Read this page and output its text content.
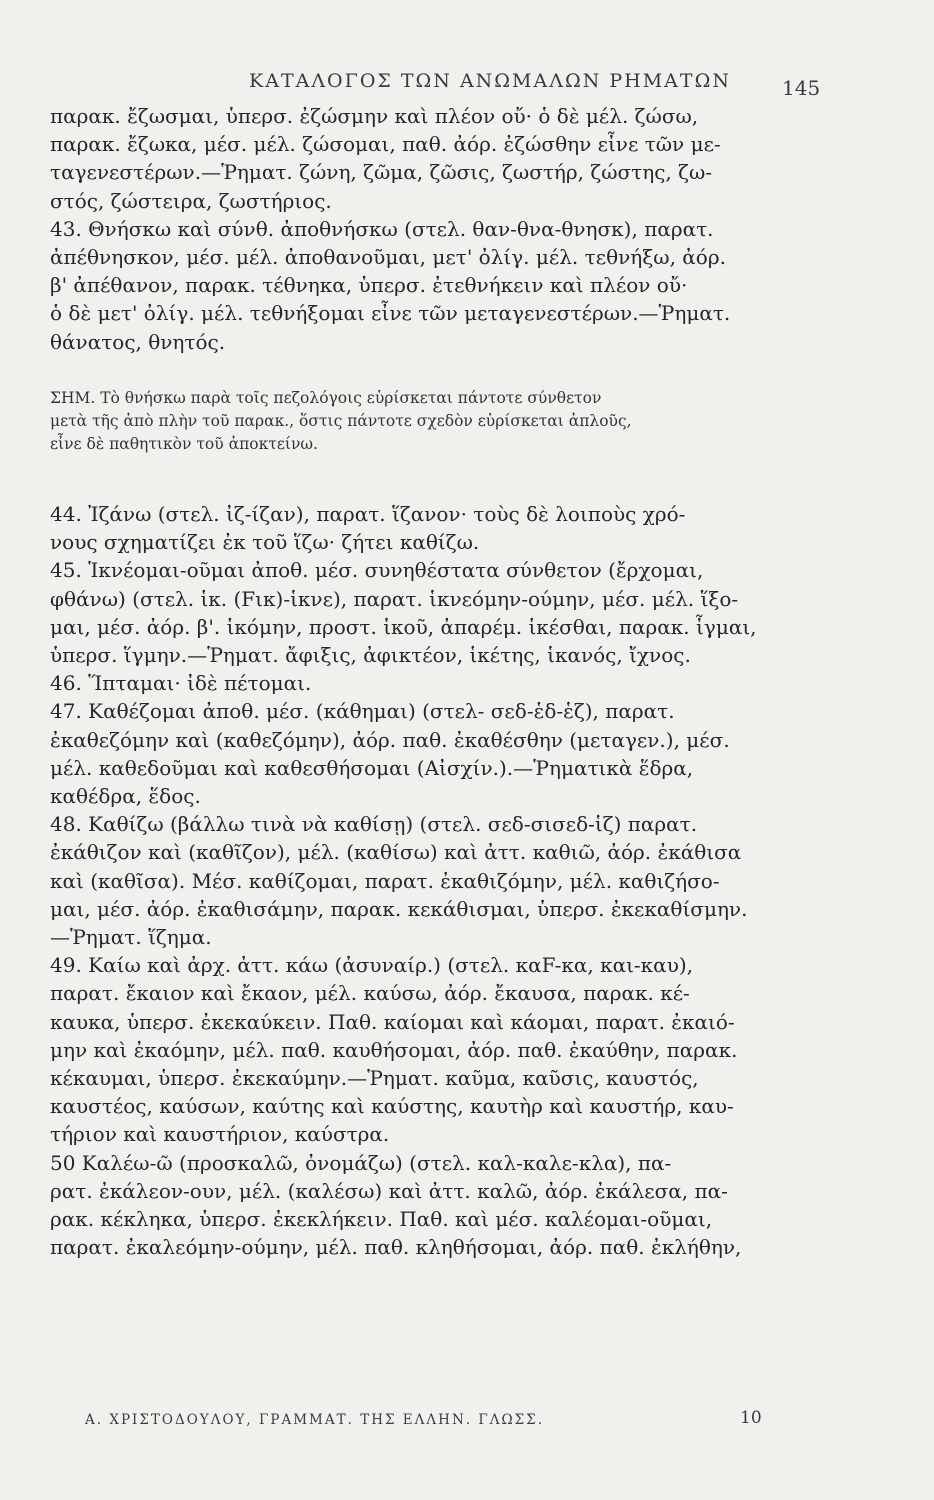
ΚΑΤΑΛΟΓΟΣ ΤΩΝ ΑΝΩΜΑΛΩΝ ΡΗΜΑΤΩΝ	145
παρακ. ἔζωσμαι, ὑπερσ. ἐζώσμην καὶ πλέον οὔ· ὁ δὲ μέλ. ζώσω,
παρακ. ἔζωκα, μέσ. μέλ. ζώσομαι, παθ. ἀόρ. ἐζώσθην εἶνε τῶν με-
ταγενεστέρων.—Ῥηματ. ζώνη, ζῶμα, ζῶσις, ζωστήρ, ζώστης, ζω-
στός, ζώστειρα, ζωστήριος.
43. Θνήσκω καὶ σύνθ. ἀποθνήσκω (στελ. θαν-θνα-θνησκ), παρατ.
ἀπέθνησκον, μέσ. μέλ. ἀποθανοῦμαι, μετ' ὀλίγ. μέλ. τεθνήξω, ἀόρ.
β' ἀπέθανον, παρακ. τέθνηκα, ὑπερσ. ἐτεθνήκειν καὶ πλέον οὔ·
ὁ δὲ μετ' ὀλίγ. μέλ. τεθνήξομαι εἶνε τῶν μεταγενεστέρων.—Ῥηματ.
θάνατος, θνητός.
ΣΗΜ. Τὸ θνήσκω παρὰ τοῖς πεζολόγοις εὑρίσκεται πάντοτε σύνθετον
μετὰ τῆς ἀπὸ πλὴν τοῦ παρακ., ὅστις πάντοτε σχεδὸν εὑρίσκεται ἁπλοῦς,
εἶνε δὲ παθητικὸν τοῦ ἀποκτείνω.
44. Ἰζάνω (στελ. ἰζ-ίζαν), παρατ. ἵζανον· τοὺς δὲ λοιποὺς χρό-
νους σχηματίζει ἐκ τοῦ ἵζω· ζήτει καθίζω.
45. Ἱκνέομαι-οῦμαι ἀποθ. μέσ. συνηθέστατα σύνθετον (ἔρχομαι,
φθάνω) (στελ. ἱκ. (Fικ)-ἱκνε), παρατ. ἱκνεόμην-ούμην, μέσ. μέλ. ἵξο-
μαι, μέσ. ἀόρ. β'. ἱκόμην, προστ. ἱκοῦ, ἀπαρέμ. ἱκέσθαι, παρακ. ἷγμαι,
ὑπερσ. ἵγμην.—Ῥηματ. ἄφιξις, ἀφικτέον, ἱκέτης, ἱκανός, ἴχνος.
46. Ἵπταμαι· ἰδὲ πέτομαι.
47. Καθέζομαι ἀποθ. μέσ. (κάθημαι) (στελ- σεδ-ἑδ-ἑζ), παρατ.
ἐκαθεζόμην καὶ (καθεζόμην), ἀόρ. παθ. ἐκαθέσθην (μεταγεν.), μέσ.
μέλ. καθεδοῦμαι καὶ καθεσθήσομαι (Αἰσχίν.).—Ῥηματικὰ ἕδρα,
καθέδρα, ἕδος.
48. Καθίζω (βάλλω τινὰ νὰ καθίσῃ) (στελ. σεδ-σισεδ-ἱζ) παρατ.
ἐκάθιζον καὶ (καθῖζον), μέλ. (καθίσω) καὶ ἀττ. καθιῶ, ἀόρ. ἐκάθισα
καὶ (καθῖσα). Μέσ. καθίζομαι, παρατ. ἐκαθιζόμην, μέλ. καθιζήσο-
μαι, μέσ. ἀόρ. ἐκαθισάμην, παρακ. κεκάθισμαι, ὑπερσ. ἐκεκαθίσμην.
—Ῥηματ. ἵζημα.
49. Καίω καὶ ἀρχ. ἀττ. κάω (ἀσυναίρ.) (στελ. καF-κα, και-καυ),
παρατ. ἔκαιον καὶ ἔκαον, μέλ. καύσω, ἀόρ. ἔκαυσα, παρακ. κέ-
καυκα, ὑπερσ. ἐκεκαύκειν. Παθ. καίομαι καὶ κάομαι, παρατ. ἐκαιό-
μην καὶ ἐκαόμην, μέλ. παθ. καυθήσομαι, ἀόρ. παθ. ἐκαύθην, παρακ.
κέκαυμαι, ὑπερσ. ἐκεκαύμην.—Ῥηματ. καῦμα, καῦσις, καυστός,
καυστέος, καύσων, καύτης καὶ καύστης, καυτὴρ καὶ καυστήρ, καυ-
τήριον καὶ καυστήριον, καύστρα.
50 Καλέω-ῶ (προσκαλῶ, ὀνομάζω) (στελ. καλ-καλε-κλα), πα-
ρατ. ἐκάλεον-ουν, μέλ. (καλέσω) καὶ ἀττ. καλῶ, ἀόρ. ἐκάλεσα, πα-
ρακ. κέκληκα, ὑπερσ. ἐκεκλήκειν. Παθ. καὶ μέσ. καλέομαι-οῦμαι,
παρατ. ἐκαλεόμην-ούμην, μέλ. παθ. κληθήσομαι, ἀόρ. παθ. ἐκλήθην,
Α. ΧΡΙΣΤΟΔΟΥΛΟΥ, ΓΡΑΜΜΑΤ. ΤΗΣ ΕΛΛΗΝ. ΓΛΩΣΣ.	10
